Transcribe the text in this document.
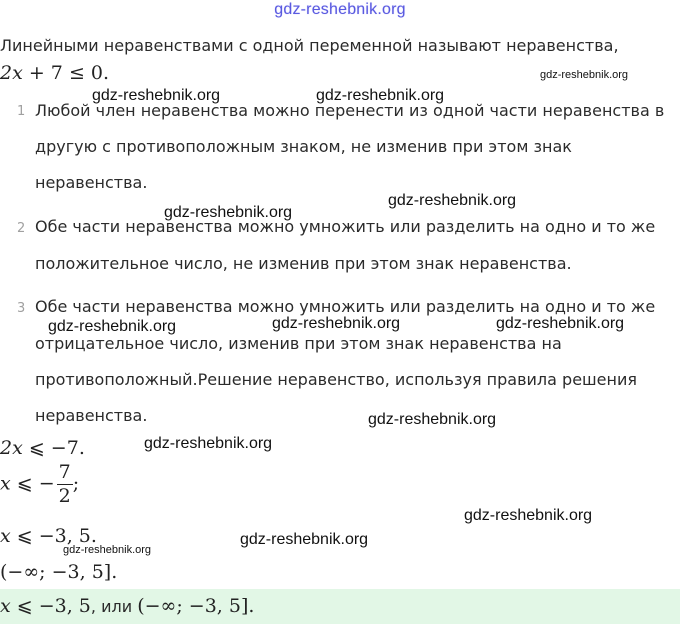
gdz-reshebnik.org
Линейными неравенствами с одной переменной называют неравенства,
2x + 7 ≤ 0.
1 Любой член неравенства можно перенести из одной части неравенства в
другую с противоположным знаком, не изменив при этом знак
неравенства.
2 Обе части неравенства можно умножить или разделить на одно и то же
положительное число, не изменив при этом знак неравенства.
3 Обе части неравенства можно умножить или разделить на одно и то же
отрицательное число, изменив при этом знак неравенства на
противоположный.Решение неравенство, используя правила решения
неравенства.
2x ⩽ −7.
x ⩽ − $\frac{7}{2}$ ;
x ⩽ −3, 5.
(−∞; −3, 5].
x ⩽ −3, 5, или (−∞; −3, 5].
gdz-reshebnik.org
gdz-reshebnik.org	gdz-reshebnik.org
gdz-reshebnik.org
gdz-reshebnik.org
gdz-reshebnik.org	gdz-reshebnik.org	gdz-reshebnik.org
gdz-reshebnik.org
gdz-reshebnik.org
gdz-reshebnik.org
gdz-reshebnik.org
gdz-reshebnik.org
